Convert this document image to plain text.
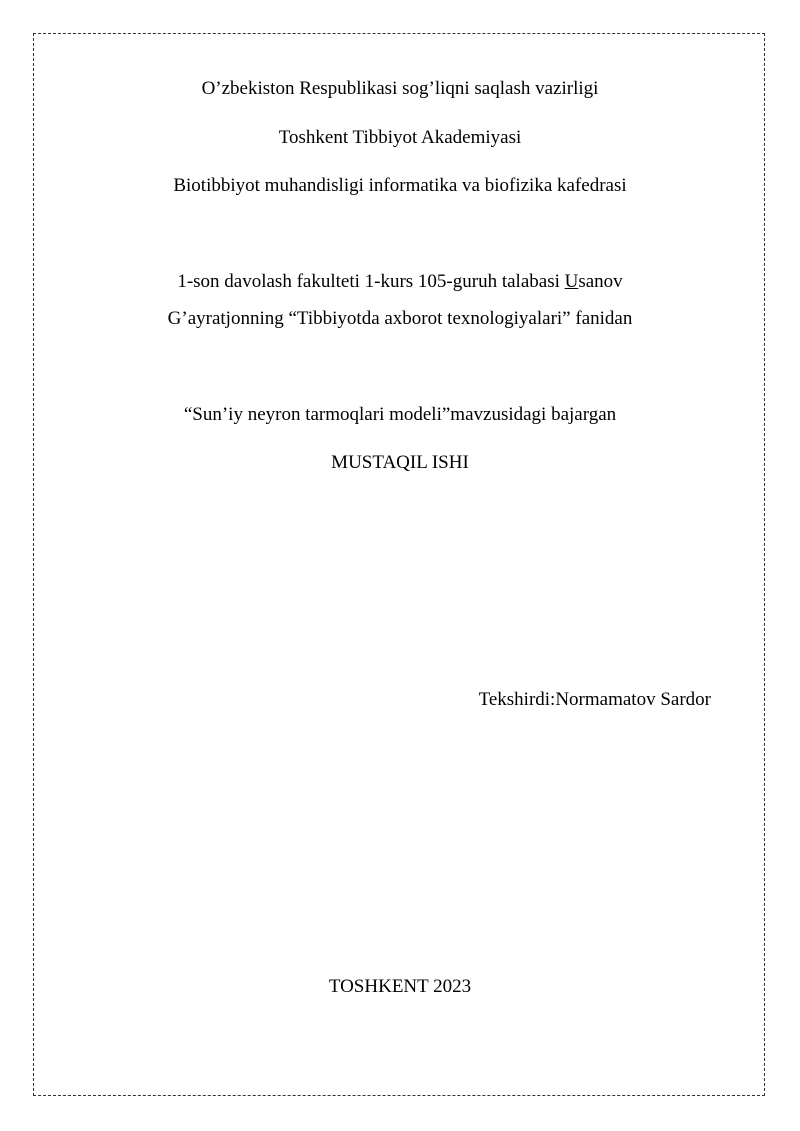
O’zbekiston Respublikasi sog’liqni saqlash vazirligi
Toshkent Tibbiyot Akademiyasi
Biotibbiyot muhandisligi informatika va biofizika kafedrasi
1-son davolash fakulteti 1-kurs 105-guruh talabasi Usanov
G’ayratjonning “Tibbiyotda axborot texnologiyalari” fanidan
“Sun’iy neyron tarmoqlari modeli”mavzusidagi bajargan
MUSTAQIL ISHI
Tekshirdi:Normamatov Sardor
TOSHKENT 2023
